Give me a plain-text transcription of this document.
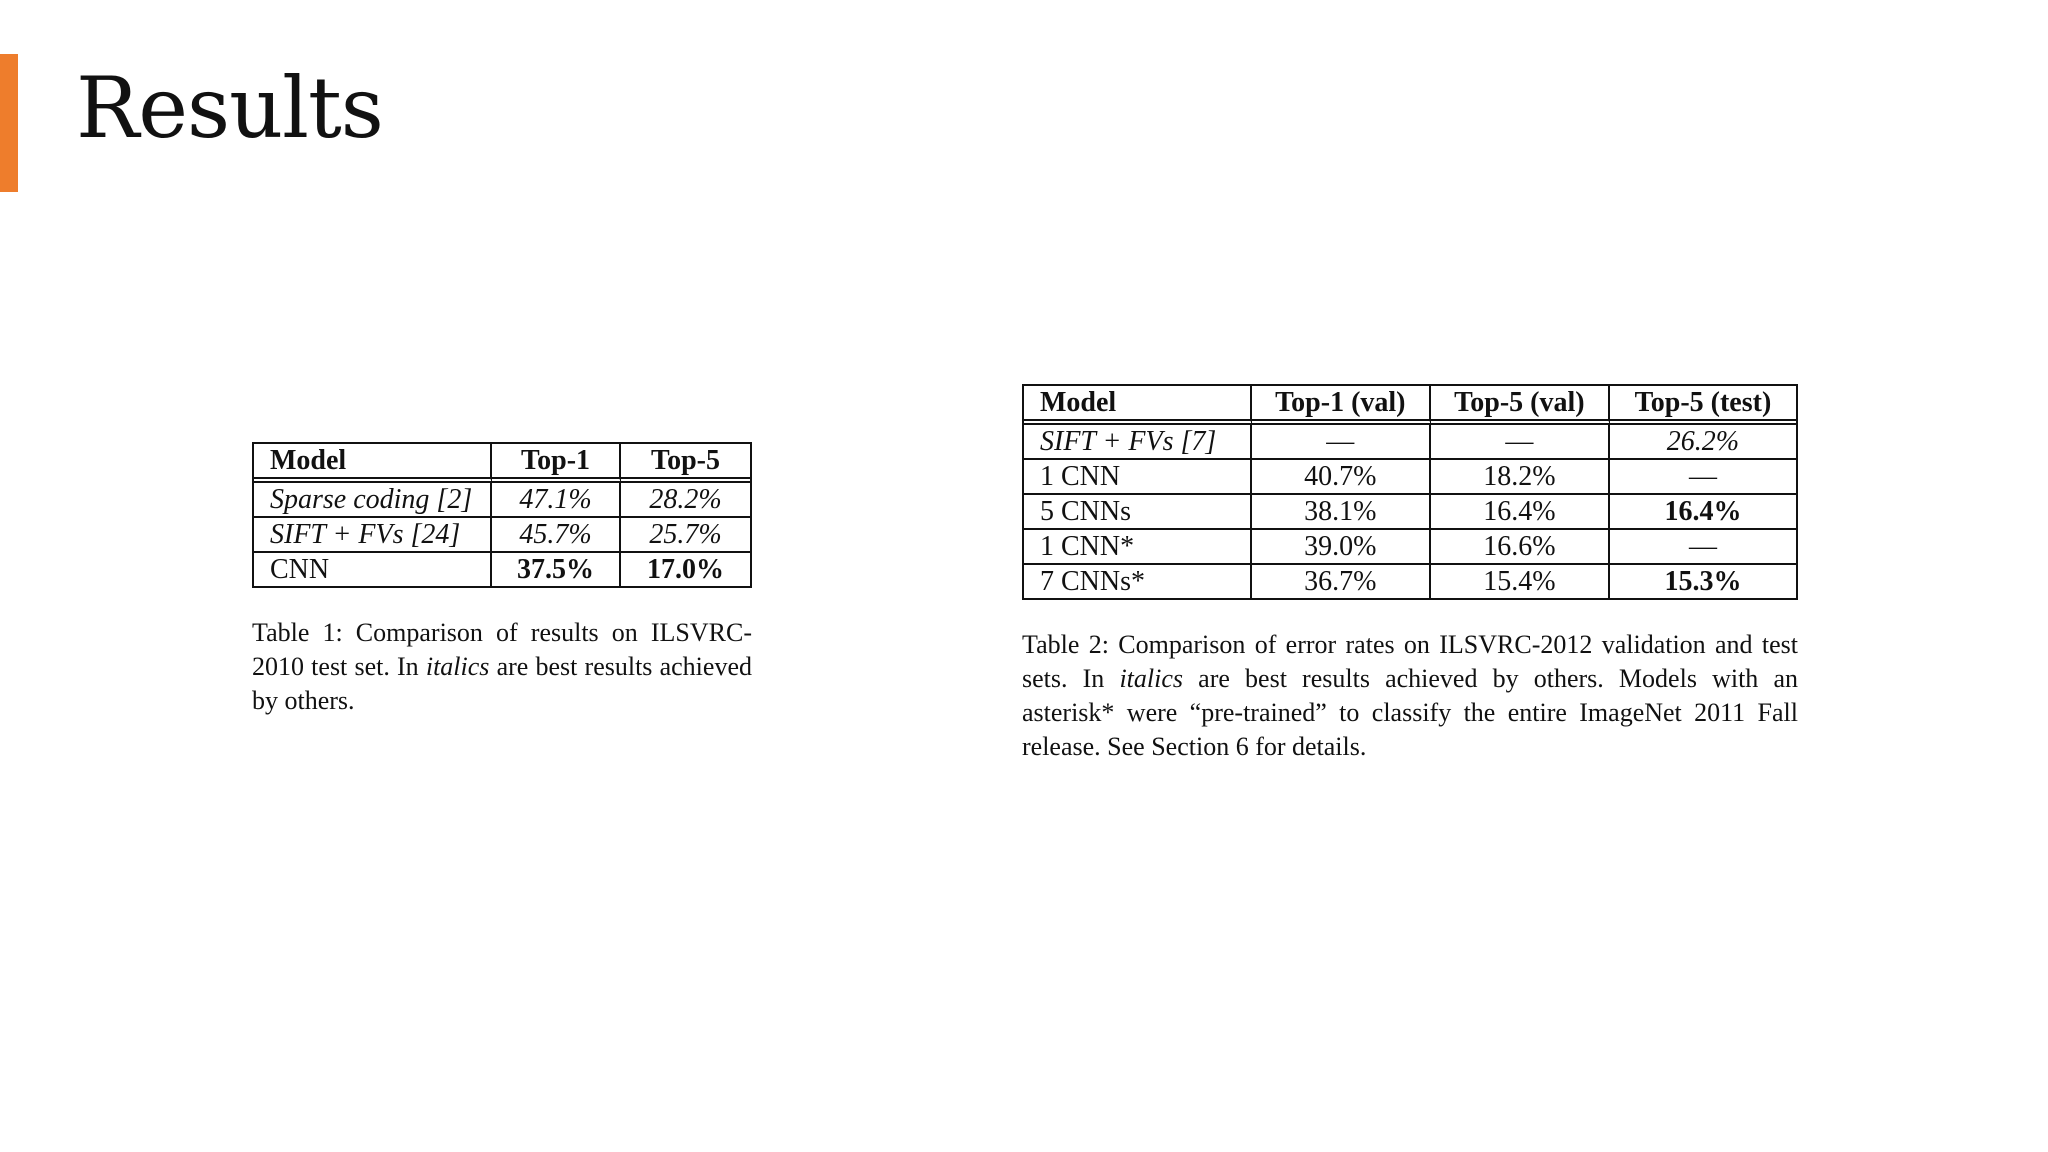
Results
Model	Top-1	Top-5
Sparse coding [2]	47.1%	28.2%
SIFT + FVs [24]	45.7%	25.7%
CNN	37.5%	17.0%
Table 1: Comparison of results on ILSVRC-2010 test set. In italics are best results achieved by others.
Model	Top-1 (val)	Top-5 (val)	Top-5 (test)
SIFT + FVs [7]	—	—	26.2%
1 CNN	40.7%	18.2%	—
5 CNNs	38.1%	16.4%	16.4%
1 CNN*	39.0%	16.6%	—
7 CNNs*	36.7%	15.4%	15.3%
Table 2: Comparison of error rates on ILSVRC-2012 validation and test sets. In italics are best results achieved by others. Models with an asterisk* were “pre-trained” to classify the entire ImageNet 2011 Fall release. See Section 6 for details.
